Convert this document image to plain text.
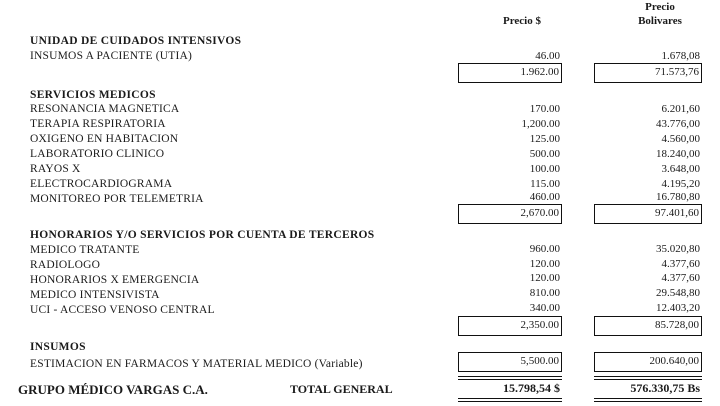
Precio $
Precio
Bolivares
UNIDAD DE CUIDADOS INTENSIVOS
INSUMOS A PACIENTE (UTIA)	46.00	1.678,08
1.962.00	71.573,76
SERVICIOS MEDICOS
RESONANCIA MAGNETICA	170.00	6.201,60
TERAPIA RESPIRATORIA	1,200.00	43.776,00
OXIGENO EN HABITACION	125.00	4.560,00
LABORATORIO CLINICO	500.00	18.240,00
RAYOS X	100.00	3.648,00
ELECTROCARDIOGRAMA	115.00	4.195,20
MONITOREO POR TELEMETRIA	460.00	16.780,80
2,670.00	97.401,60
HONORARIOS Y/O SERVICIOS POR CUENTA DE TERCEROS
MEDICO TRATANTE	960.00	35.020,80
RADIOLOGO	120.00	4.377,60
HONORARIOS X EMERGENCIA	120.00	4.377,60
MEDICO INTENSIVISTA	810.00	29.548,80
UCI - ACCESO VENOSO CENTRAL	340.00	12.403,20
2,350.00	85.728,00
INSUMOS
ESTIMACION EN FARMACOS Y MATERIAL MEDICO (Variable)	5,500.00	200.640,00
GRUPO MÉDICO VARGAS C.A.	TOTAL GENERAL	15.798,54 $	576.330,75 Bs
